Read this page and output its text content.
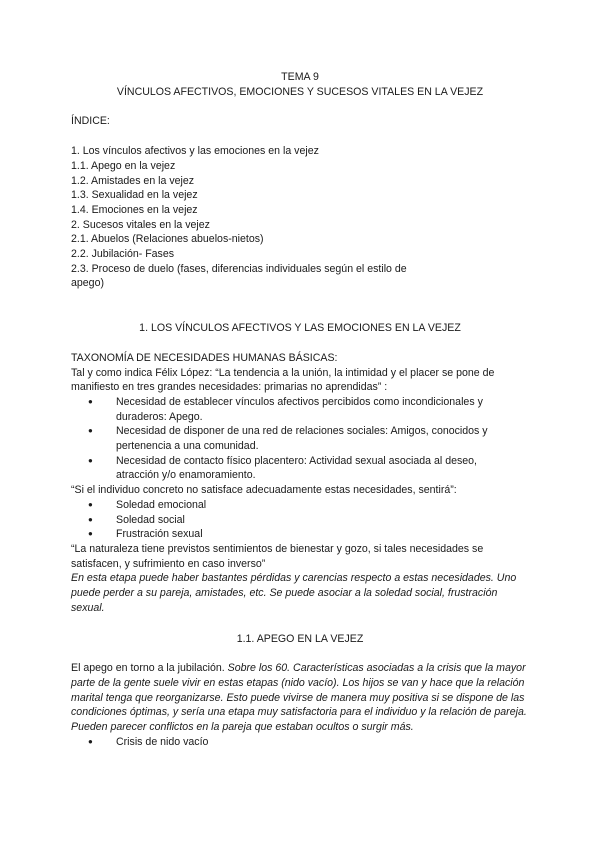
TEMA 9

VÍNCULOS AFECTIVOS, EMOCIONES Y SUCESOS VITALES EN LA VEJEZ

ÍNDICE:

1. Los vínculos afectivos y las emociones en la vejez

1.1. Apego en la vejez

1.2. Amistades en la vejez

1.3. Sexualidad en la vejez

1.4. Emociones en la vejez

2. Sucesos vitales en la vejez

2.1. Abuelos (Relaciones abuelos-nietos)

2.2. Jubilación- Fases

2.3. Proceso de duelo (fases, diferencias individuales según el estilo de apego)

1. LOS VÍNCULOS AFECTIVOS Y LAS EMOCIONES EN LA VEJEZ

TAXONOMÍA DE NECESIDADES HUMANAS BÁSICAS:

Tal y como indica Félix López: “La tendencia a la unión, la intimidad y el placer se pone de manifiesto en tres grandes necesidades: primarias no aprendidas” :

● Necesidad de establecer vínculos afectivos percibidos como incondicionales y duraderos: Apego.
● Necesidad de disponer de una red de relaciones sociales: Amigos, conocidos y pertenencia a una comunidad.
● Necesidad de contacto físico placentero: Actividad sexual asociada al deseo, atracción y/o enamoramiento.

“Si el individuo concreto no satisface adecuadamente estas necesidades, sentirá”:

● Soledad emocional
● Soledad social
● Frustración sexual

“La naturaleza tiene previstos sentimientos de bienestar y gozo, si tales necesidades se satisfacen, y sufrimiento en caso inverso”

En esta etapa puede haber bastantes pérdidas y carencias respecto a estas necesidades. Uno puede perder a su pareja, amistades, etc. Se puede asociar a la soledad social, frustración sexual.

1.1. APEGO EN LA VEJEZ

El apego en torno a la jubilación. Sobre los 60. Características asociadas a la crisis que la mayor parte de la gente suele vivir en estas etapas (nido vacío). Los hijos se van y hace que la relación marital tenga que reorganizarse. Esto puede vivirse de manera muy positiva si se dispone de las condiciones óptimas, y sería una etapa muy satisfactoria para el individuo y la relación de pareja. Pueden parecer conflictos en la pareja que estaban ocultos o surgir más.

● Crisis de nido vacío
